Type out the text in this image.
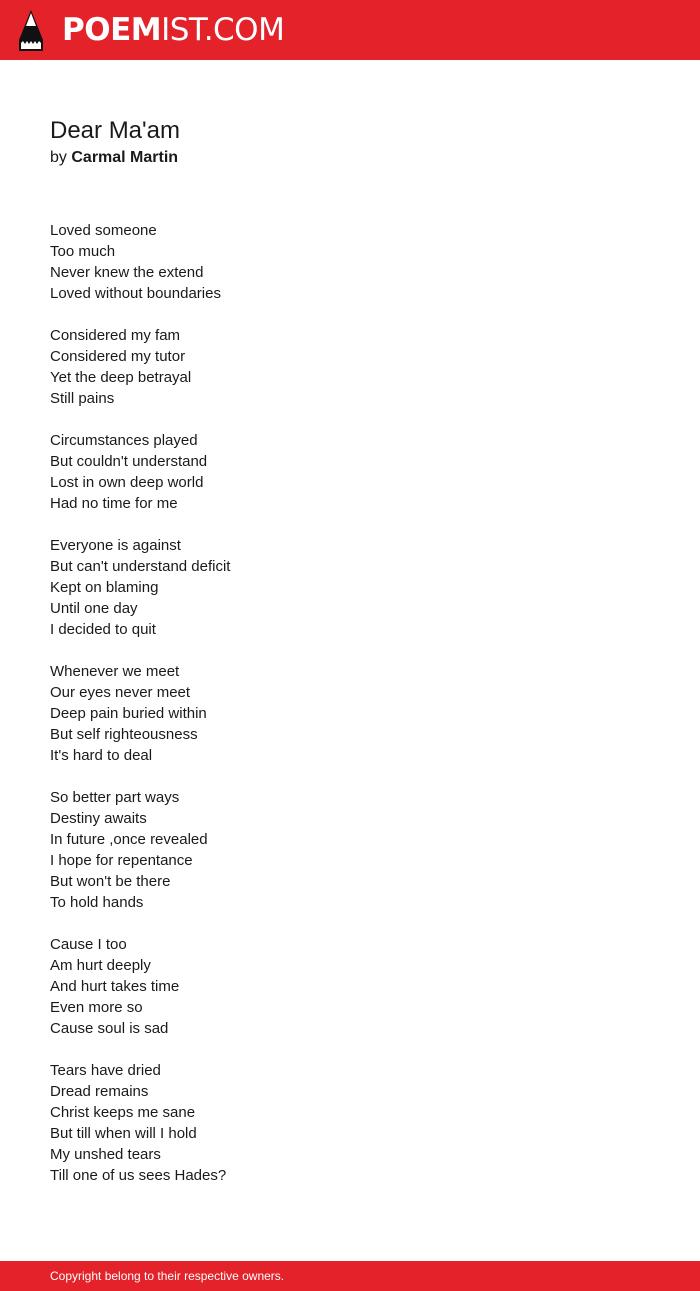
POEMIST.COM
Dear Ma'am
by Carmal Martin
Loved someone
Too much
Never knew the extend
Loved without boundaries
Considered my fam
Considered my tutor
Yet the deep betrayal
Still pains
Circumstances played
But couldn't understand
Lost in own deep world
Had no time for me
Everyone is against
But can't understand deficit
Kept on blaming
Until one day
I decided to quit
Whenever we meet
Our eyes never meet
Deep pain buried within
But self righteousness
It's hard to deal
So better part ways
Destiny awaits
In future ,once revealed
I hope for repentance
But won't be there
To hold hands
Cause I too
Am hurt deeply
And hurt takes time
Even more so
Cause soul is sad
Tears have dried
Dread remains
Christ keeps me sane
But till when will I hold
My unshed tears
Till one of us sees Hades?
Copyright belong to their respective owners.
